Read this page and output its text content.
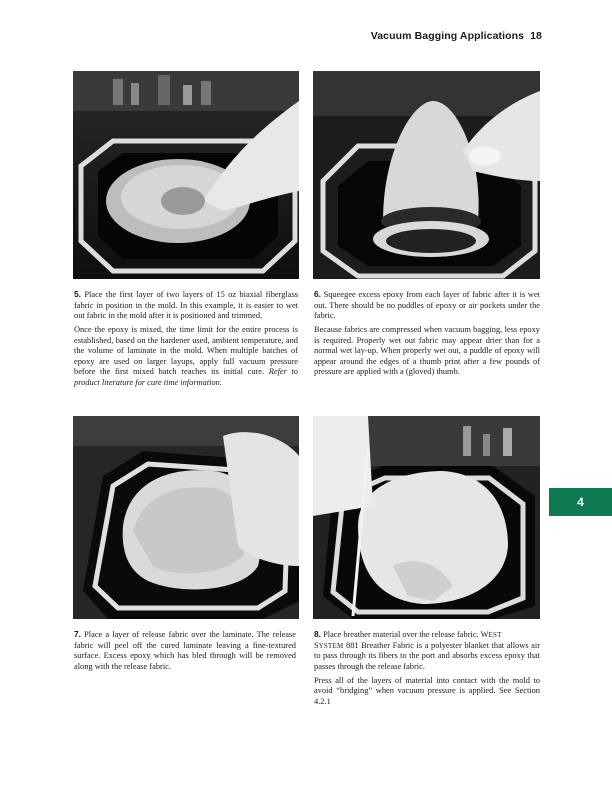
Vacuum Bagging Applications 18

5. Place the first layer of two layers of 15 oz biaxial fiberglass fabric in position in the mold. In this example, it is easier to wet out fabric in the mold after it is positioned and trimmed.

Once the epoxy is mixed, the time limit for the entire process is established, based on the hardener used, ambient temperature, and the volume of laminate in the mold. When multiple batches of epoxy are used on larger layups, apply full vacuum pressure before the first mixed batch reaches its initial cure. Refer to product literature for cure time information.

6. Squeegee excess epoxy from each layer of fabric after it is wet out. There should be no puddles of epoxy or air pockets under the fabric.

Because fabrics are compressed when vacuum bagging, less epoxy is required. Properly wet out fabric may appear drier than for a normal wet lay-up. When properly wet out, a puddle of epoxy will appear around the edges of a thumb print after a few pounds of pressure are applied with a (gloved) thumb.

7. Place a layer of release fabric over the laminate. The release fabric will peel off the cured laminate leaving a fine-textured surface. Excess epoxy which has bled through will be removed along with the release fabric.

8. Place breather material over the release fabric. WEST
SYSTEM 881 Breather Fabric is a polyester blanket that allows air to pass through its fibers to the port and absorbs excess epoxy that passes through the release fabric.

Press all of the layers of material into contact with the mold to avoid “bridging” when vacuum pressure is applied. See Section 4.2.1

4
